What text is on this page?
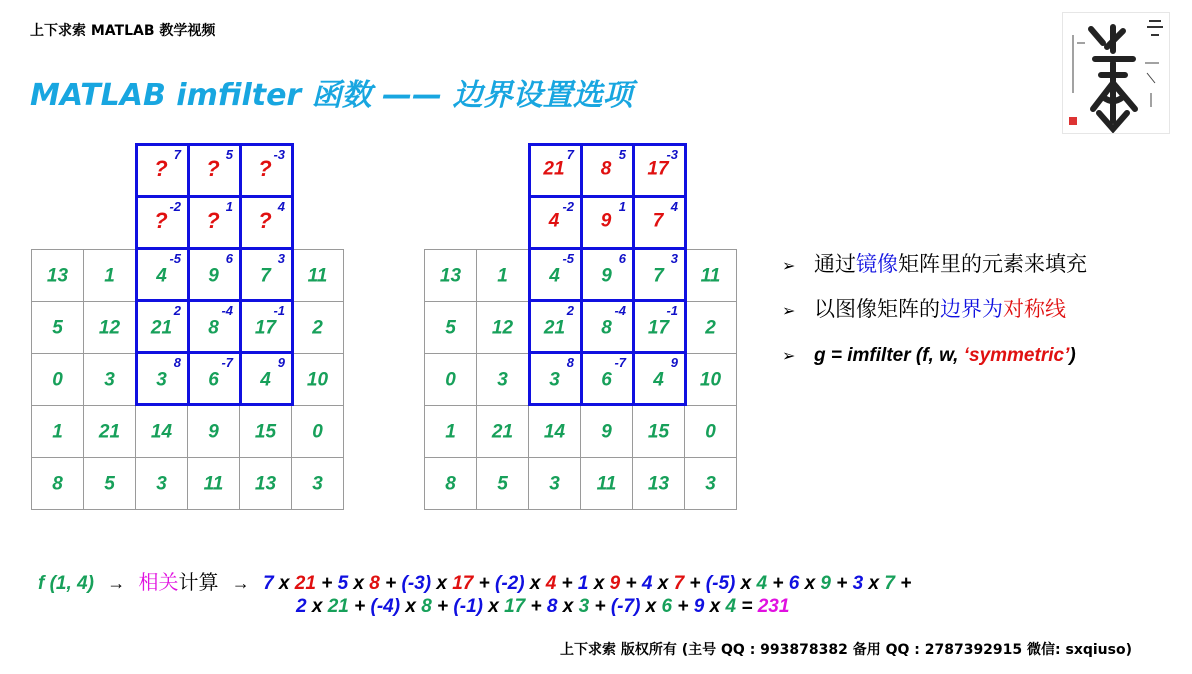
上下求索 MATLAB 教学视频
MATLAB imfilter 函数 —— 边界设置选项
13	1	4	9	7	11
5	12	21	8	17	2
0	3	3	6	4	10
1	21	14	9	15	0
8	5	3	11	13	3
?	?	?
?	?	?
7	5	-3
-2	1	4
-5	6	3
2	-4	-1
8	-7	9
13	1	4	9	7	11
5	12	21	8	17	2
0	3	3	6	4	10
1	21	14	9	15	0
8	5	3	11	13	3
21	8	17
4	9	7
7	5	-3
-2	1	4
-5	6	3
2	-4	-1
8	-7	9
➢ 通过镜像矩阵里的元素来填充
➢ 以图像矩阵的边界为对称线
➢ g = imfilter (f, w, ‘symmetric’)
f (1, 4) → 相关计算 → 7 x 21 + 5 x 8 + (-3) x 17 + (-2) x 4 + 1 x 9 + 4 x 7 + (-5) x 4 + 6 x 9 + 3 x 7 +
2 x 21 + (-4) x 8 + (-1) x 17 + 8 x 3 + (-7) x 6 + 9 x 4 = 231
上下求索 版权所有 (主号 QQ : 993878382 备用 QQ : 2787392915 微信: sxqiuso)
